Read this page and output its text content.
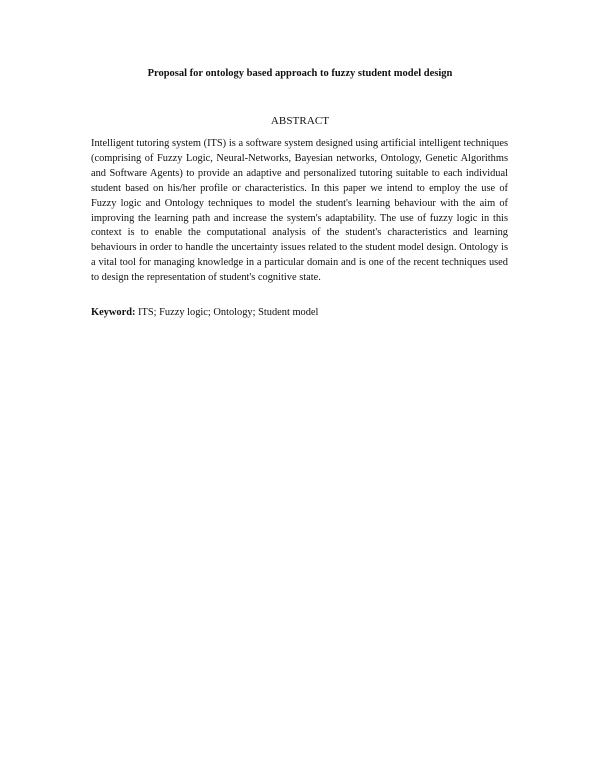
Proposal for ontology based approach to fuzzy student model design
ABSTRACT

Intelligent tutoring system (ITS) is a software system designed using artificial intelligent techniques (comprising of Fuzzy Logic, Neural-Networks, Bayesian networks, Ontology, Genetic Algorithms and Software Agents) to provide an adaptive and personalized tutoring suitable to each individual student based on his/her profile or characteristics. In this paper we intend to employ the use of Fuzzy logic and Ontology techniques to model the student's learning behaviour with the aim of improving the learning path and increase the system's adaptability. The use of fuzzy logic in this context is to enable the computational analysis of the student's characteristics and learning behaviours in order to handle the uncertainty issues related to the student model design. Ontology is a vital tool for managing knowledge in a particular domain and is one of the recent techniques used to design the representation of student's cognitive state.

Keyword: ITS; Fuzzy logic; Ontology; Student model
